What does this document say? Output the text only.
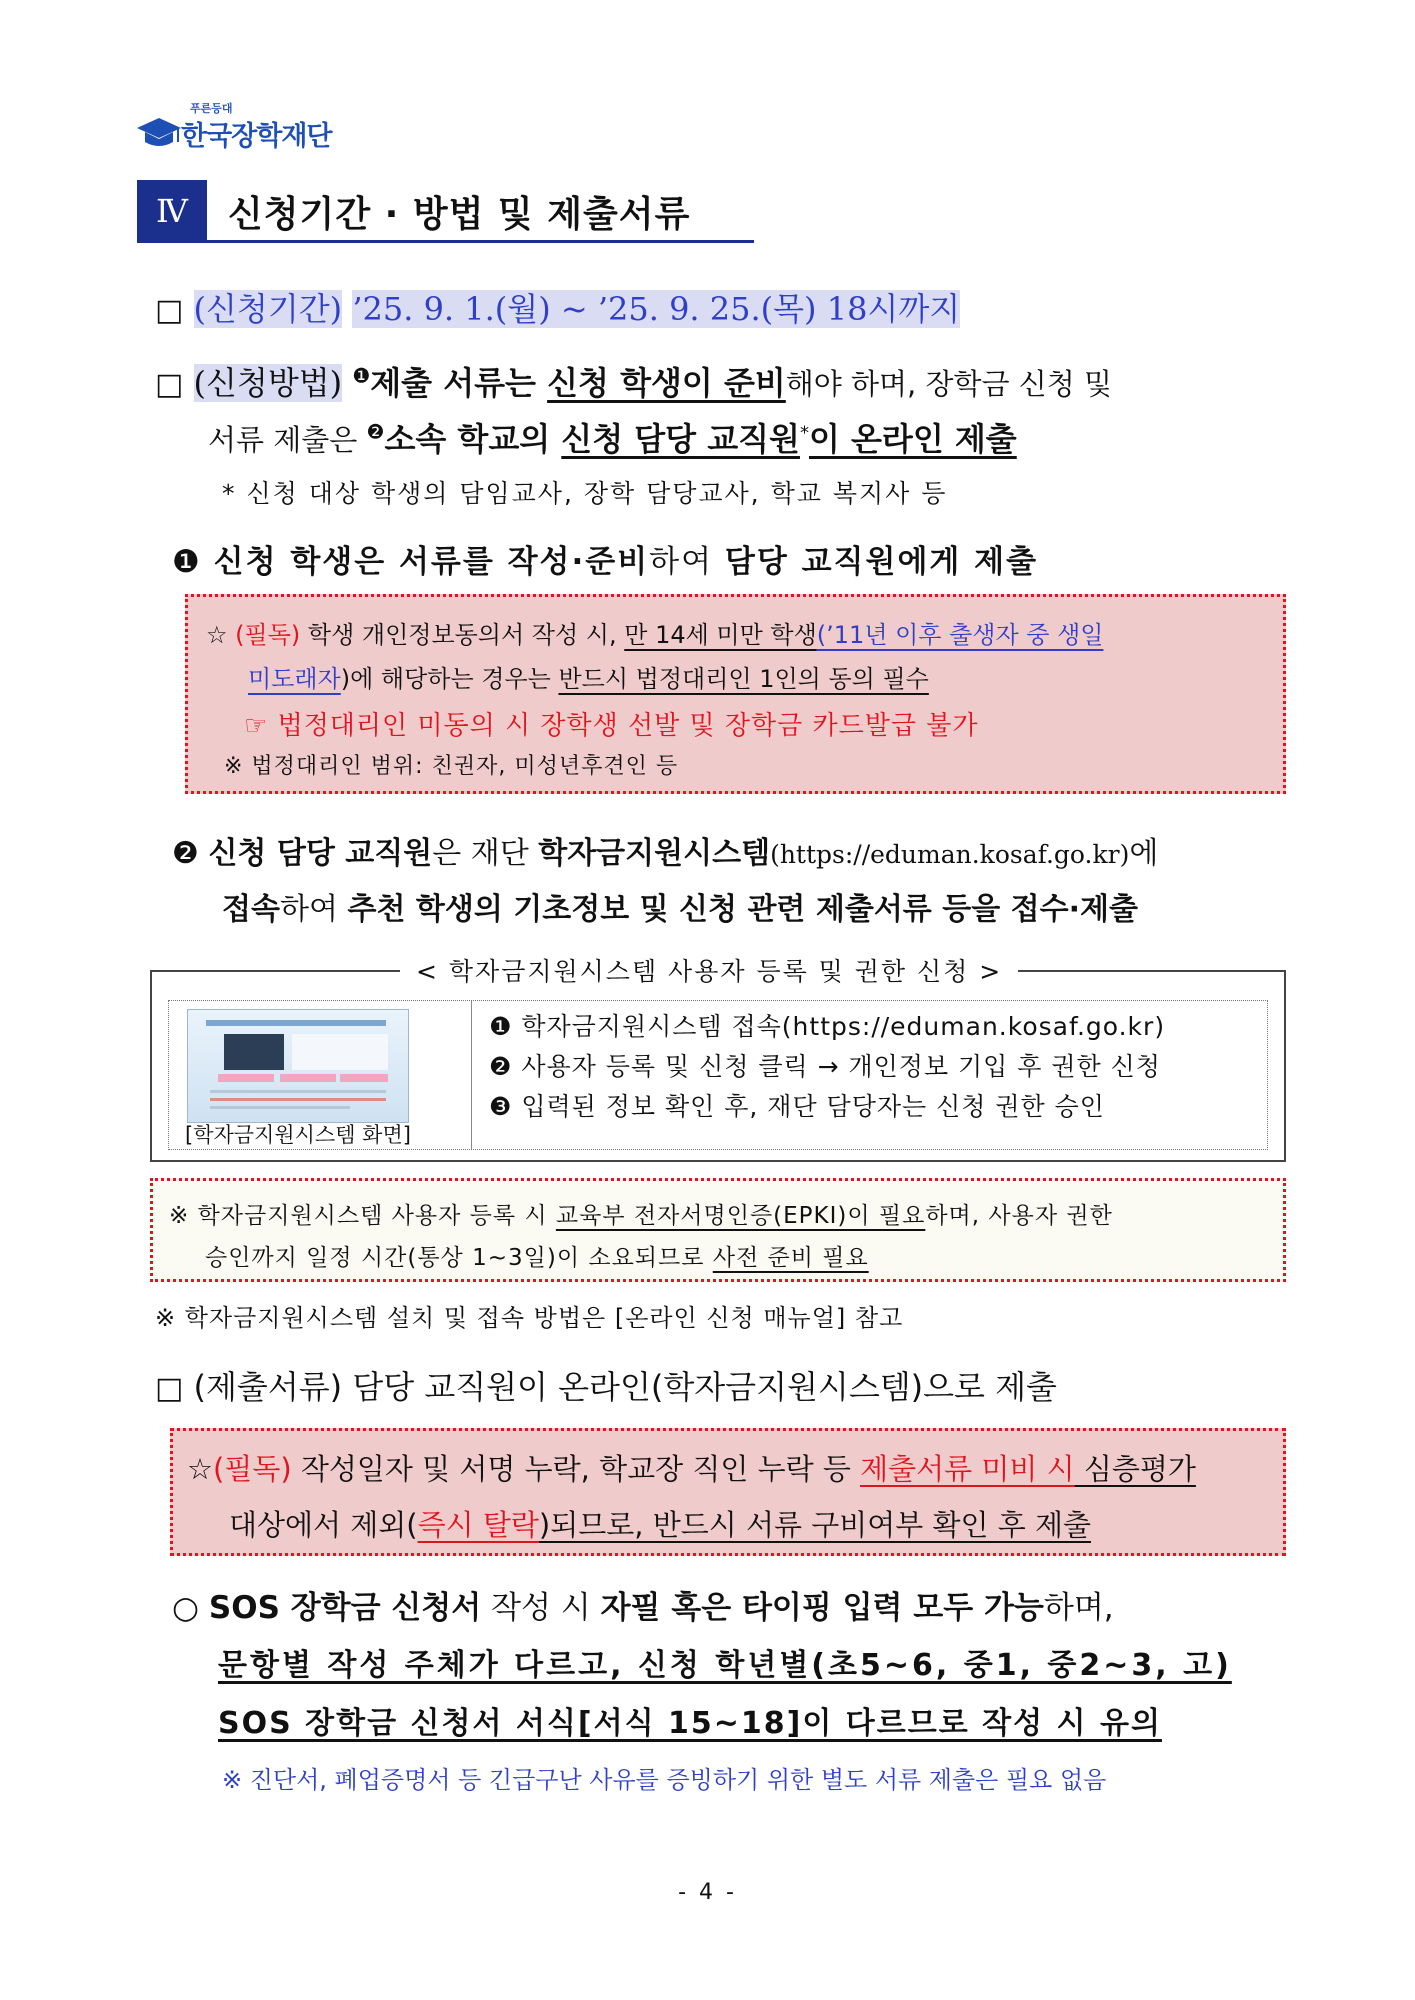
푸른등대
한국장학재단
Ⅳ	신청기간 · 방법 및 제출서류
□ (신청기간) ’25. 9. 1.(월) ~ ’25. 9. 25.(목) 18시까지
□ (신청방법) $^❶$제출 서류는 신청 학생이 준비해야 하며, 장학금 신청 및
서류 제출은 $^❷$소속 학교의 신청 담당 교직원*이 온라인 제출
* 신청 대상 학생의 담임교사, 장학 담당교사, 학교 복지사 등
❶ 신청 학생은 서류를 작성·준비하여 담당 교직원에게 제출
☆ (필독) 학생 개인정보동의서 작성 시, 만 14세 미만 학생(’11년 이후 출생자 중 생일
미도래자)에 해당하는 경우는 반드시 법정대리인 1인의 동의 필수
☞ 법정대리인 미동의 시 장학생 선발 및 장학금 카드발급 불가
※ 법정대리인 범위: 친권자, 미성년후견인 등
❷ 신청 담당 교직원은 재단 학자금지원시스템(https://eduman.kosaf.go.kr)에
접속하여 추천 학생의 기초정보 및 신청 관련 제출서류 등을 접수·제출
< 학자금지원시스템 사용자 등록 및 권한 신청 >
[학자금지원시스템 화면]
❶ 학자금지원시스템 접속(https://eduman.kosaf.go.kr)
❷ 사용자 등록 및 신청 클릭 → 개인정보 기입 후 권한 신청
❸ 입력된 정보 확인 후, 재단 담당자는 신청 권한 승인
※ 학자금지원시스템 사용자 등록 시 교육부 전자서명인증(EPKI)이 필요하며, 사용자 권한
승인까지 일정 시간(통상 1~3일)이 소요되므로 사전 준비 필요
※ 학자금지원시스템 설치 및 접속 방법은 [온라인 신청 매뉴얼] 참고
□ (제출서류) 담당 교직원이 온라인(학자금지원시스템)으로 제출
☆(필독) 작성일자 및 서명 누락, 학교장 직인 누락 등 제출서류 미비 시 심층평가
대상에서 제외(즉시 탈락)되므로, 반드시 서류 구비여부 확인 후 제출
○ SOS 장학금 신청서 작성 시 자필 혹은 타이핑 입력 모두 가능하며,
문항별 작성 주체가 다르고, 신청 학년별(초5~6, 중1, 중2~3, 고)
SOS 장학금 신청서 서식[서식 15~18]이 다르므로 작성 시 유의
※ 진단서, 폐업증명서 등 긴급구난 사유를 증빙하기 위한 별도 서류 제출은 필요 없음
- 4 -
